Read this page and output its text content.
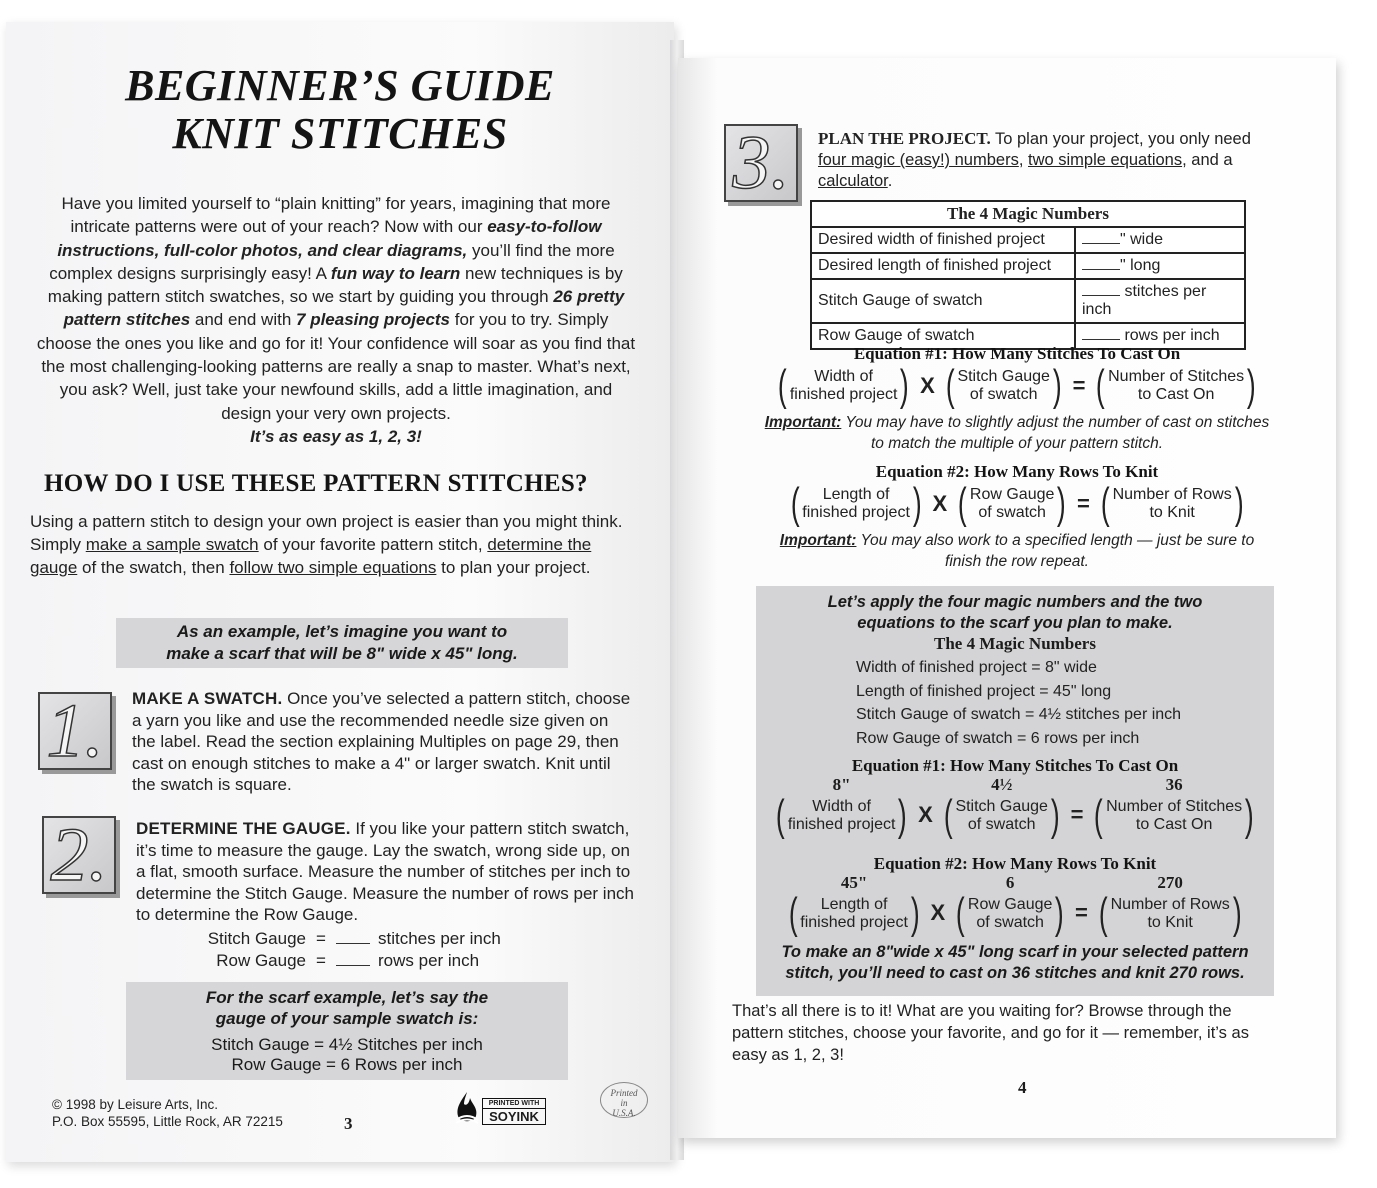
BEGINNER’S GUIDE
KNIT STITCHES
Have you limited yourself to “plain knitting” for years, imagining that more intricate patterns were out of your reach? Now with our easy-to-follow instructions, full-color photos, and clear diagrams, you’ll find the more complex designs surprisingly easy! A fun way to learn new techniques is by making pattern stitch swatches, so we start by guiding you through 26 pretty pattern stitches and end with 7 pleasing projects for you to try. Simply choose the ones you like and go for it! Your confidence will soar as you find that the most challenging-looking patterns are really a snap to master. What’s next, you ask? Well, just take your newfound skills, add a little imagination, and design your very own projects.
It’s as easy as 1, 2, 3!
HOW DO I USE THESE PATTERN STITCHES?
Using a pattern stitch to design your own project is easier than you might think. Simply make a sample swatch of your favorite pattern stitch, determine the gauge of the swatch, then follow two simple equations to plan your project.
As an example, let’s imagine you want to
make a scarf that will be 8" wide x 45" long.
1.	MAKE A SWATCH. Once you’ve selected a pattern stitch, choose a yarn you like and use the recommended needle size given on the label. Read the section explaining Multiples on page 29, then cast on enough stitches to make a 4" or larger swatch. Knit until the swatch is square.
2.	DETERMINE THE GAUGE. If you like your pattern stitch swatch, it’s time to measure the gauge. Lay the swatch, wrong side up, on a flat, smooth surface. Measure the number of stitches per inch to determine the Stitch Gauge. Measure the number of rows per inch to determine the Row Gauge.
Stitch Gauge =	stitches per inch
Row Gauge =	rows per inch
For the scarf example, let’s say the
gauge of your sample swatch is:
Stitch Gauge = 4½ Stitches per inch
Row Gauge = 6 Rows per inch
© 1998 by Leisure Arts, Inc.
P.O. Box 55595, Little Rock, AR 72215	3
PRINTED WITH
SOYINK
Printed
in
U.S.A.
3.	PLAN THE PROJECT. To plan your project, you only need four magic (easy!) numbers, two simple equations, and a calculator.
The 4 Magic Numbers	
Desired width of finished project	" wide
Desired length of finished project	" long
Stitch Gauge of swatch	stitches per inch
Row Gauge of swatch	rows per inch
Equation #1: How Many Stitches To Cast On
(	Width of
finished project ) X ( Stitch Gauge
of swatch ) = ( Number of Stitches
to Cast On )
Important: You may have to slightly adjust the number of cast on stitches to match the multiple of your pattern stitch.
Equation #2: How Many Rows To Knit
(	Length of
finished project ) X ( Row Gauge
of swatch ) = ( Number of Rows
to Knit )
Important: You may also work to a specified length — just be sure to finish the row repeat.
Let’s apply the four magic numbers and the two
equations to the scarf you plan to make.
The 4 Magic Numbers
Width of finished project = 8" wide
Length of finished project = 45" long
Stitch Gauge of swatch = 4½ stitches per inch
Row Gauge of swatch = 6 rows per inch
Equation #1: How Many Stitches To Cast On
8"
(	Width of
finished project ) X
4½
( Stitch Gauge
of swatch ) =
36
( Number of Stitches
to Cast On )
Equation #2: How Many Rows To Knit
45"
(	Length of
finished project ) X
6
( Row Gauge
of swatch ) =
270
( Number of Rows
to Knit )
To make an 8"wide x 45" long scarf in your selected pattern
stitch, you’ll need to cast on 36 stitches and knit 270 rows.
That’s all there is to it! What are you waiting for? Browse through the pattern stitches, choose your favorite, and go for it — remember, it’s as easy as 1, 2, 3!
4
